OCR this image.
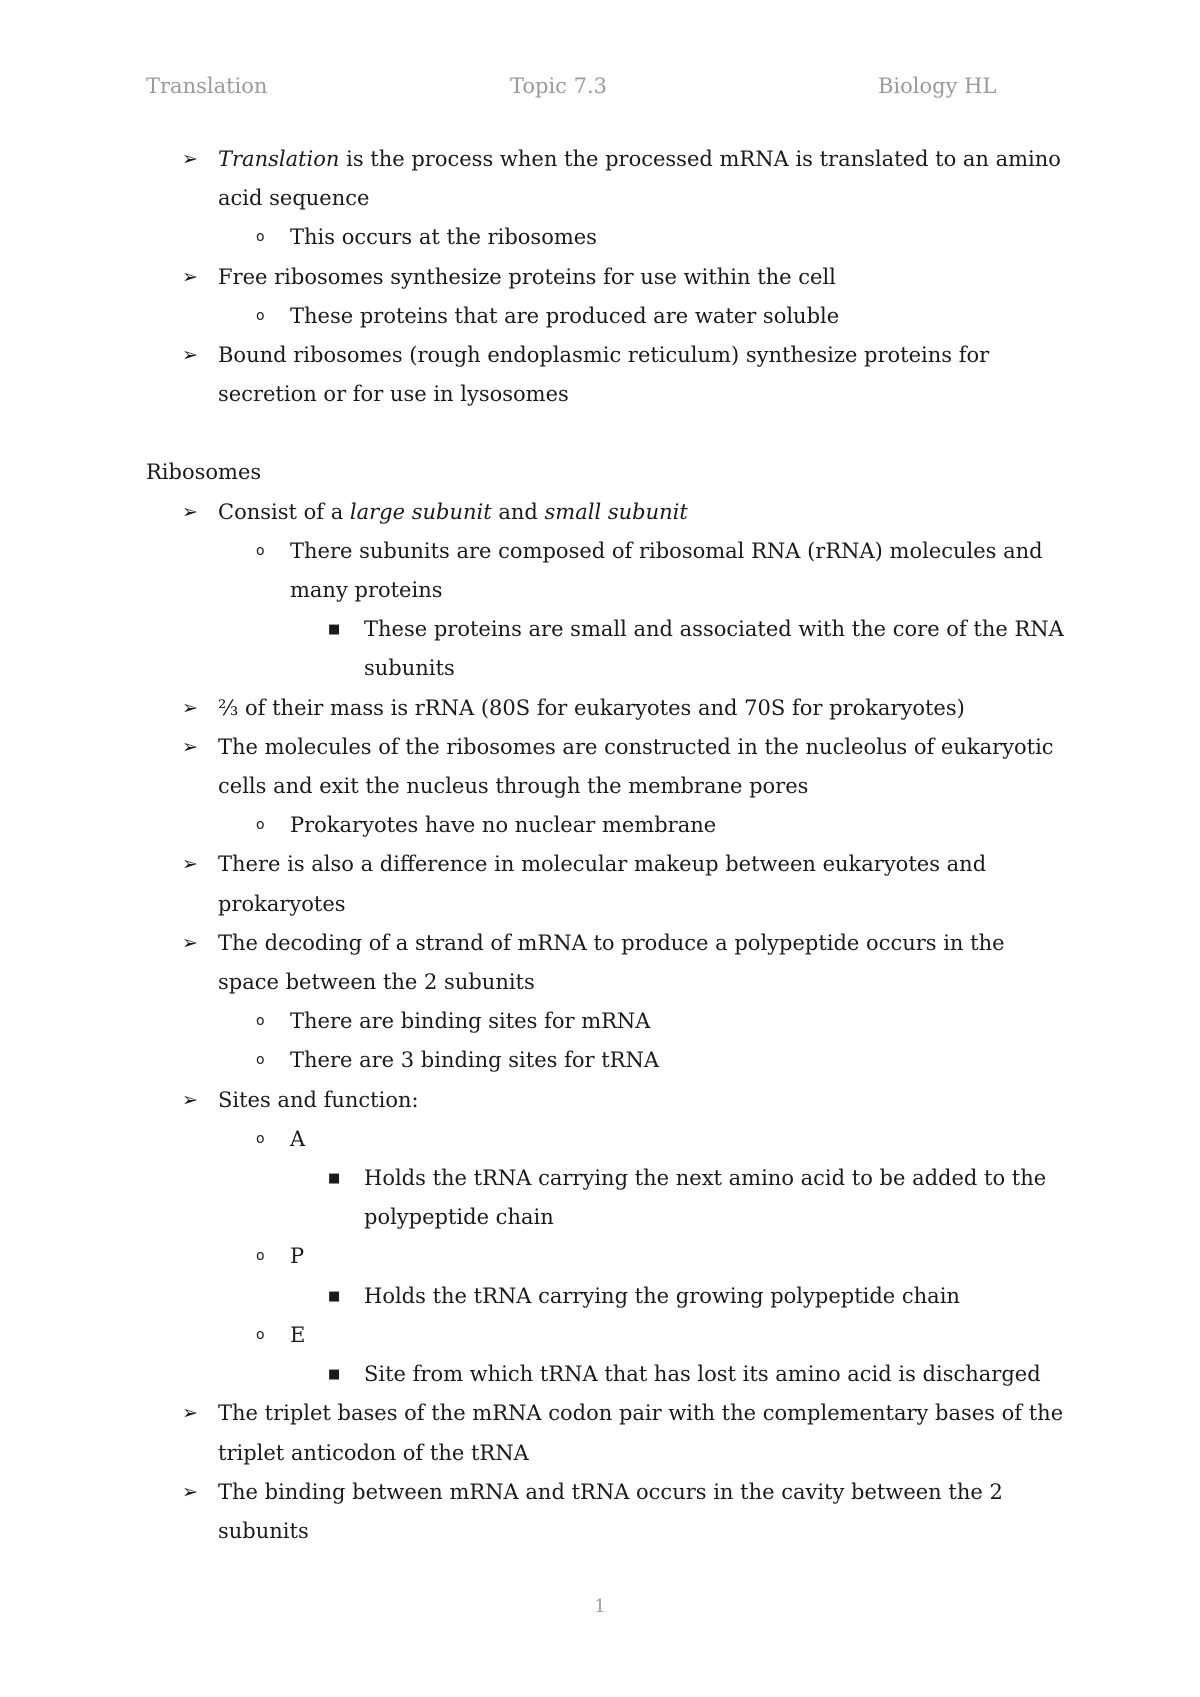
Translation	Topic 7.3	Biology HL
➢ Translation is the process when the processed mRNA is translated to an amino acid sequence
o This occurs at the ribosomes
➢ Free ribosomes synthesize proteins for use within the cell
o These proteins that are produced are water soluble
➢ Bound ribosomes (rough endoplasmic reticulum) synthesize proteins for secretion or for use in lysosomes
Ribosomes
➢ Consist of a large subunit and small subunit
o There subunits are composed of ribosomal RNA (rRNA) molecules and many proteins
■ These proteins are small and associated with the core of the RNA subunits
➢ ⅔ of their mass is rRNA (80S for eukaryotes and 70S for prokaryotes)
➢ The molecules of the ribosomes are constructed in the nucleolus of eukaryotic cells and exit the nucleus through the membrane pores
o Prokaryotes have no nuclear membrane
➢ There is also a difference in molecular makeup between eukaryotes and prokaryotes
➢ The decoding of a strand of mRNA to produce a polypeptide occurs in the space between the 2 subunits
o There are binding sites for mRNA
o There are 3 binding sites for tRNA
➢ Sites and function:
o A
■ Holds the tRNA carrying the next amino acid to be added to the polypeptide chain
o P
■ Holds the tRNA carrying the growing polypeptide chain
o E
■ Site from which tRNA that has lost its amino acid is discharged
➢ The triplet bases of the mRNA codon pair with the complementary bases of the triplet anticodon of the tRNA
➢ The binding between mRNA and tRNA occurs in the cavity between the 2 subunits
1
